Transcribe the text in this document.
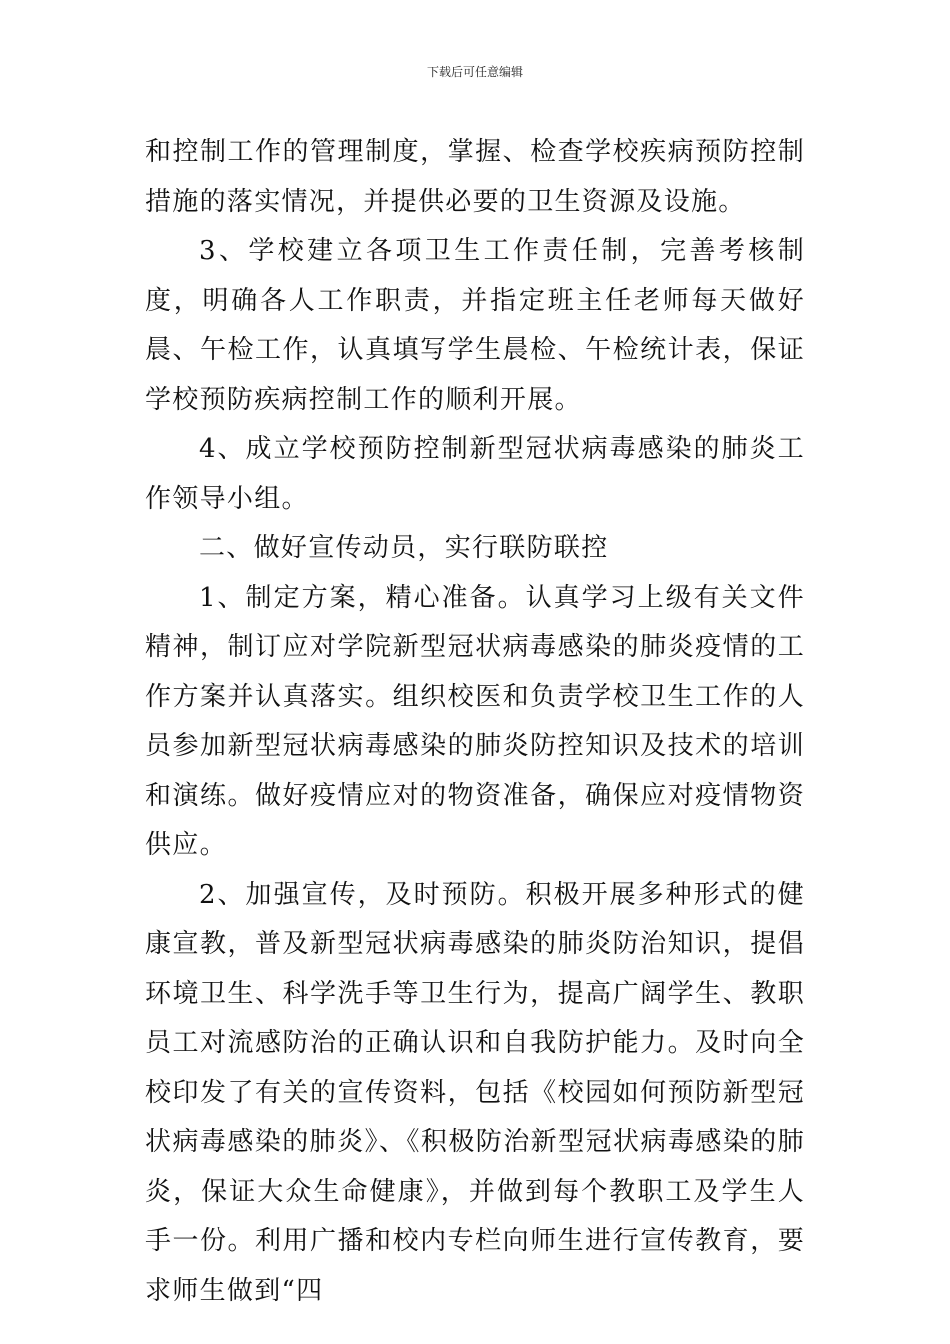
下载后可任意编辑

和控制工作的管理制度，掌握、检查学校疾病预防控制措施的落实情况，并提供必要的卫生资源及设施。

3、学校建立各项卫生工作责任制，完善考核制度，明确各人工作职责，并指定班主任老师每天做好晨、午检工作，认真填写学生晨检、午检统计表，保证学校预防疾病控制工作的顺利开展。

4、成立学校预防控制新型冠状病毒感染的肺炎工作领导小组。

二、做好宣传动员，实行联防联控

1、制定方案，精心准备。认真学习上级有关文件精神，制订应对学院新型冠状病毒感染的肺炎疫情的工作方案并认真落实。组织校医和负责学校卫生工作的人员参加新型冠状病毒感染的肺炎防控知识及技术的培训和演练。做好疫情应对的物资准备，确保应对疫情物资供应。

2、加强宣传，及时预防。积极开展多种形式的健康宣教，普及新型冠状病毒感染的肺炎防治知识，提倡环境卫生、科学洗手等卫生行为，提高广阔学生、教职员工对流感防治的正确认识和自我防护能力。及时向全校印发了有关的宣传资料，包括《校园如何预防新型冠状病毒感染的肺炎》、《积极防治新型冠状病毒感染的肺炎，保证大众生命健康》，并做到每个教职工及学生人手一份。利用广播和校内专栏向师生进行宣传教育，要求师生做到“四
